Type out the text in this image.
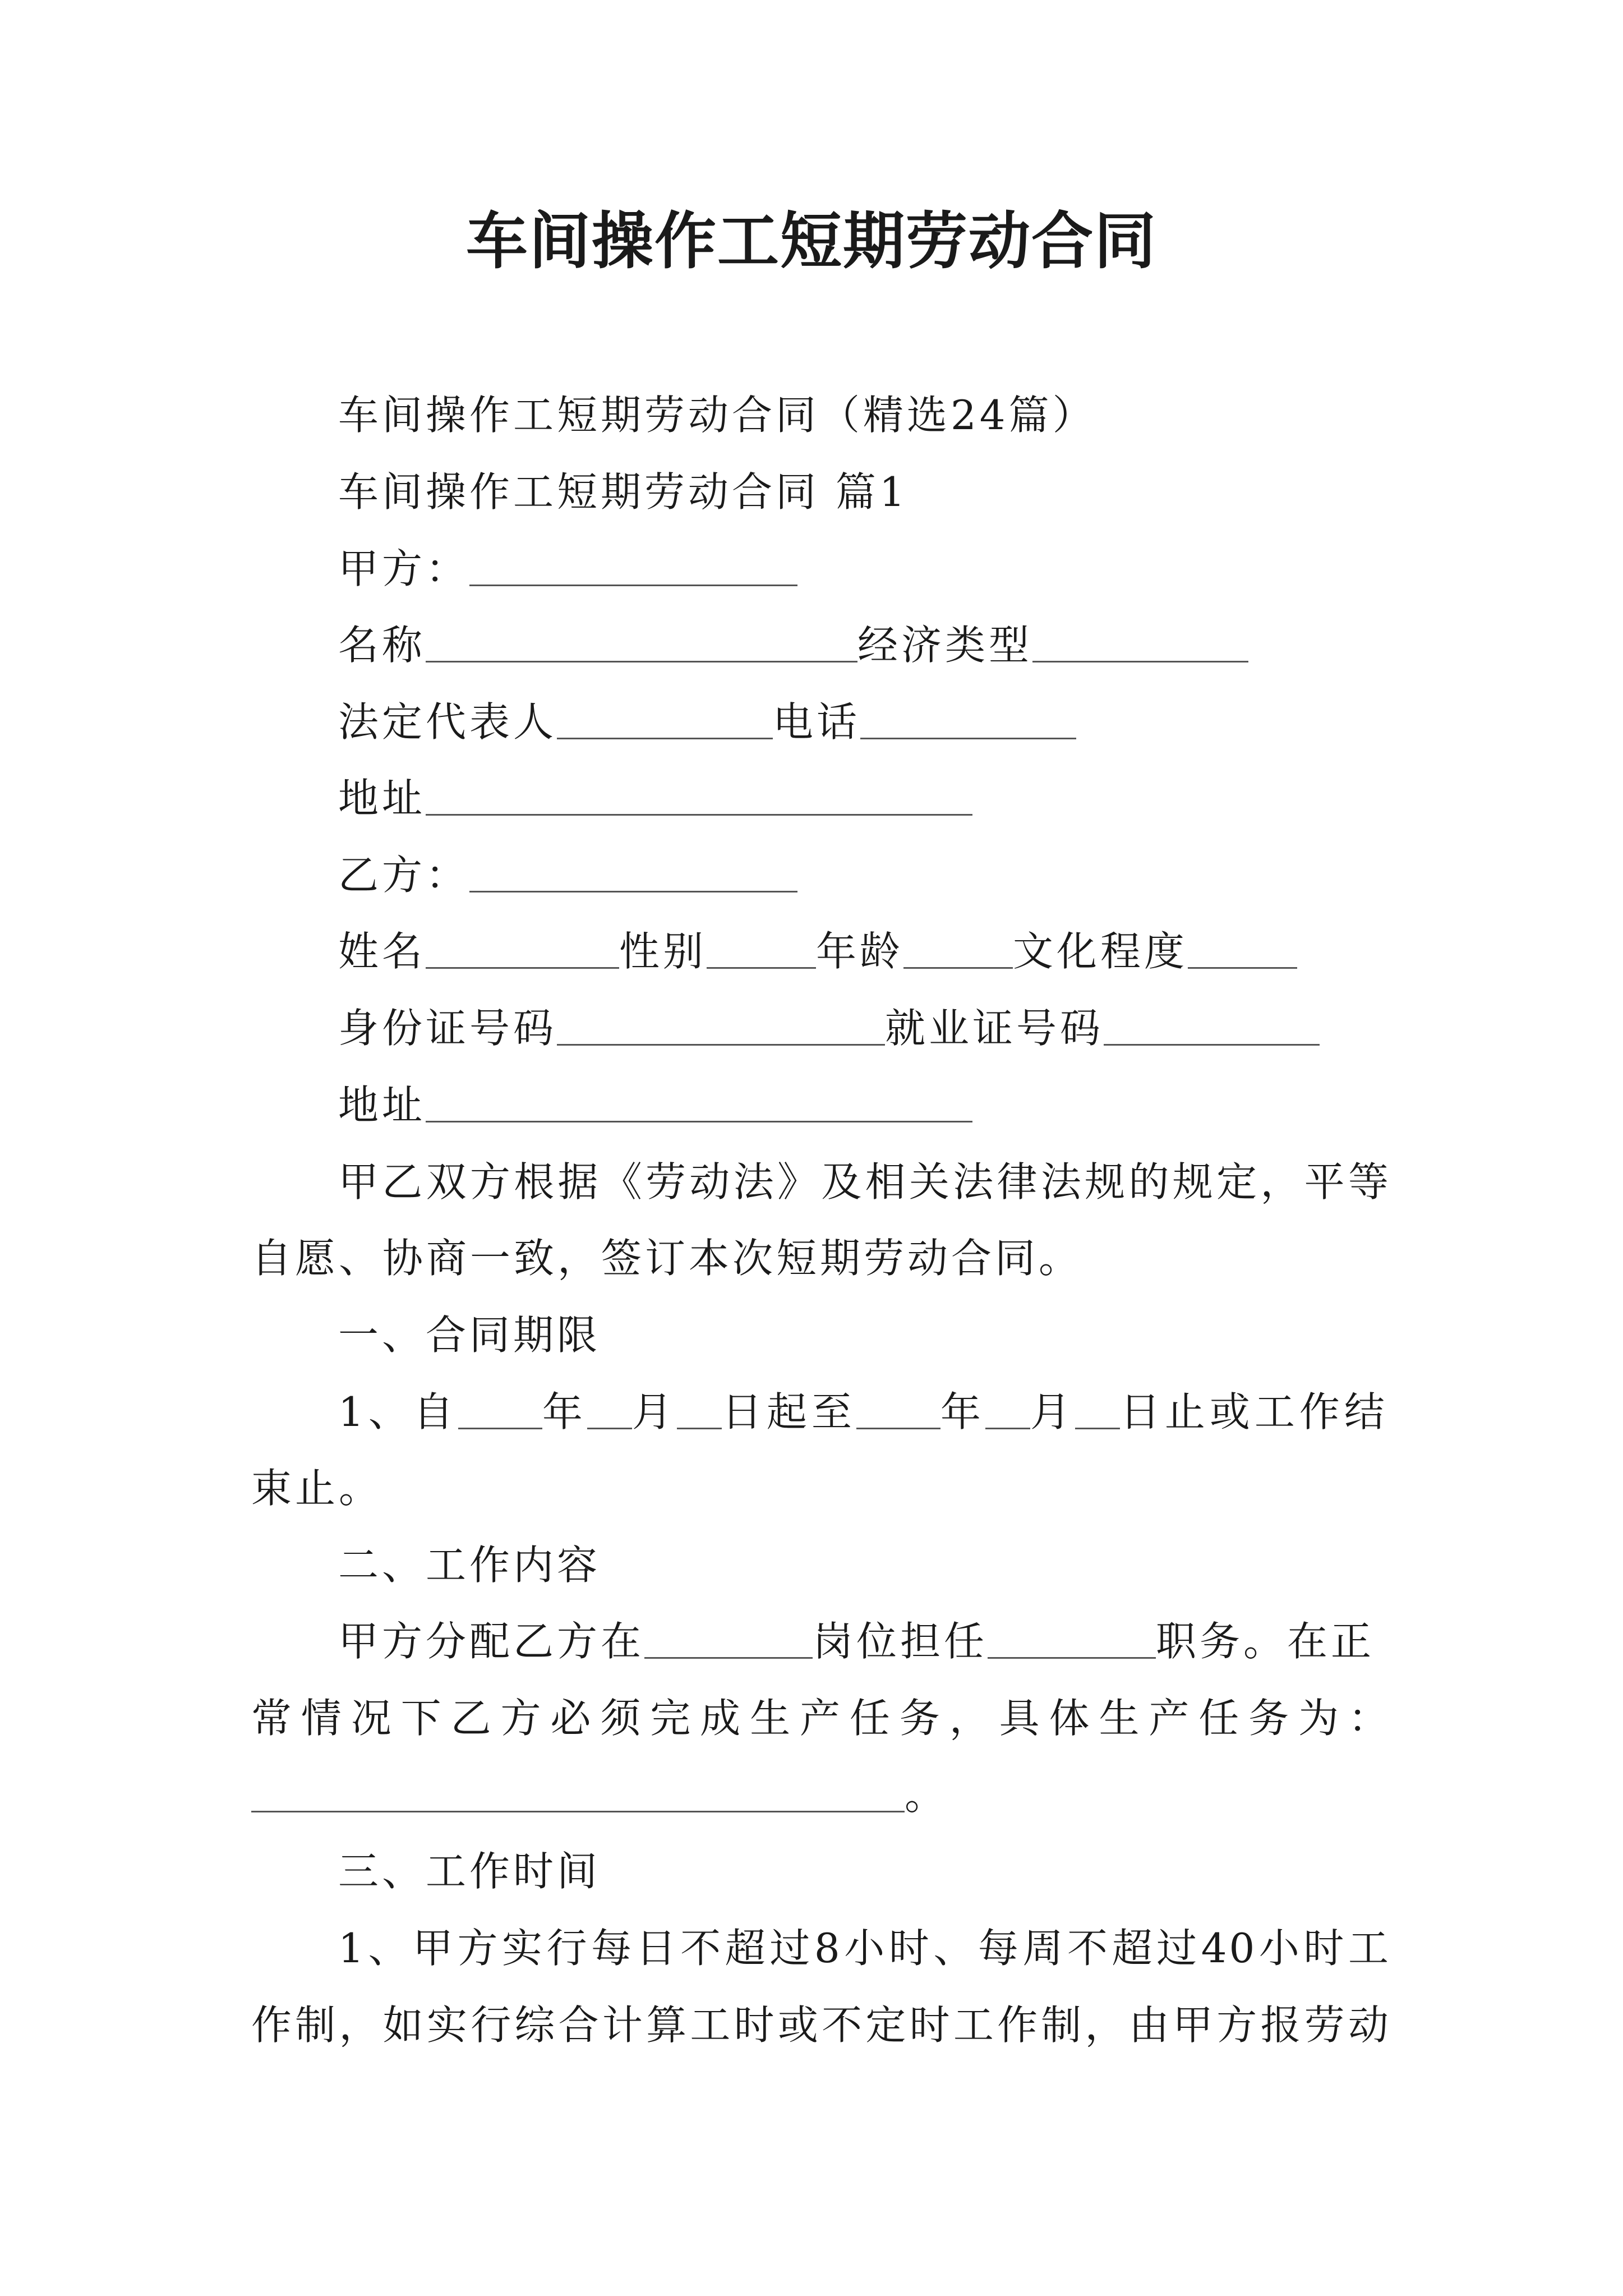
车间操作工短期劳动合同
车间操作工短期劳动合同（精选24篇）
车间操作工短期劳动合同 篇1
甲方：
名称	经济类型
法定代表人	电话
地址
乙方：
姓名	性别	年龄	文化程度
身份证号码	就业证号码
地址
甲乙双方根据《劳动法》及相关法律法规的规定，平等
自愿、协商一致，签订本次短期劳动合同。
一、合同期限
1、自 年 月 日起至 年 月 日止或工作结
束止。
二、工作内容
甲方分配乙方在	岗位担任	职务。在正
常情况下乙方必须完成生产任务，具体生产任务为：
。
三、工作时间
1、甲方实行每日不超过8小时、每周不超过40小时工
作制，如实行综合计算工时或不定时工作制，由甲方报劳动
